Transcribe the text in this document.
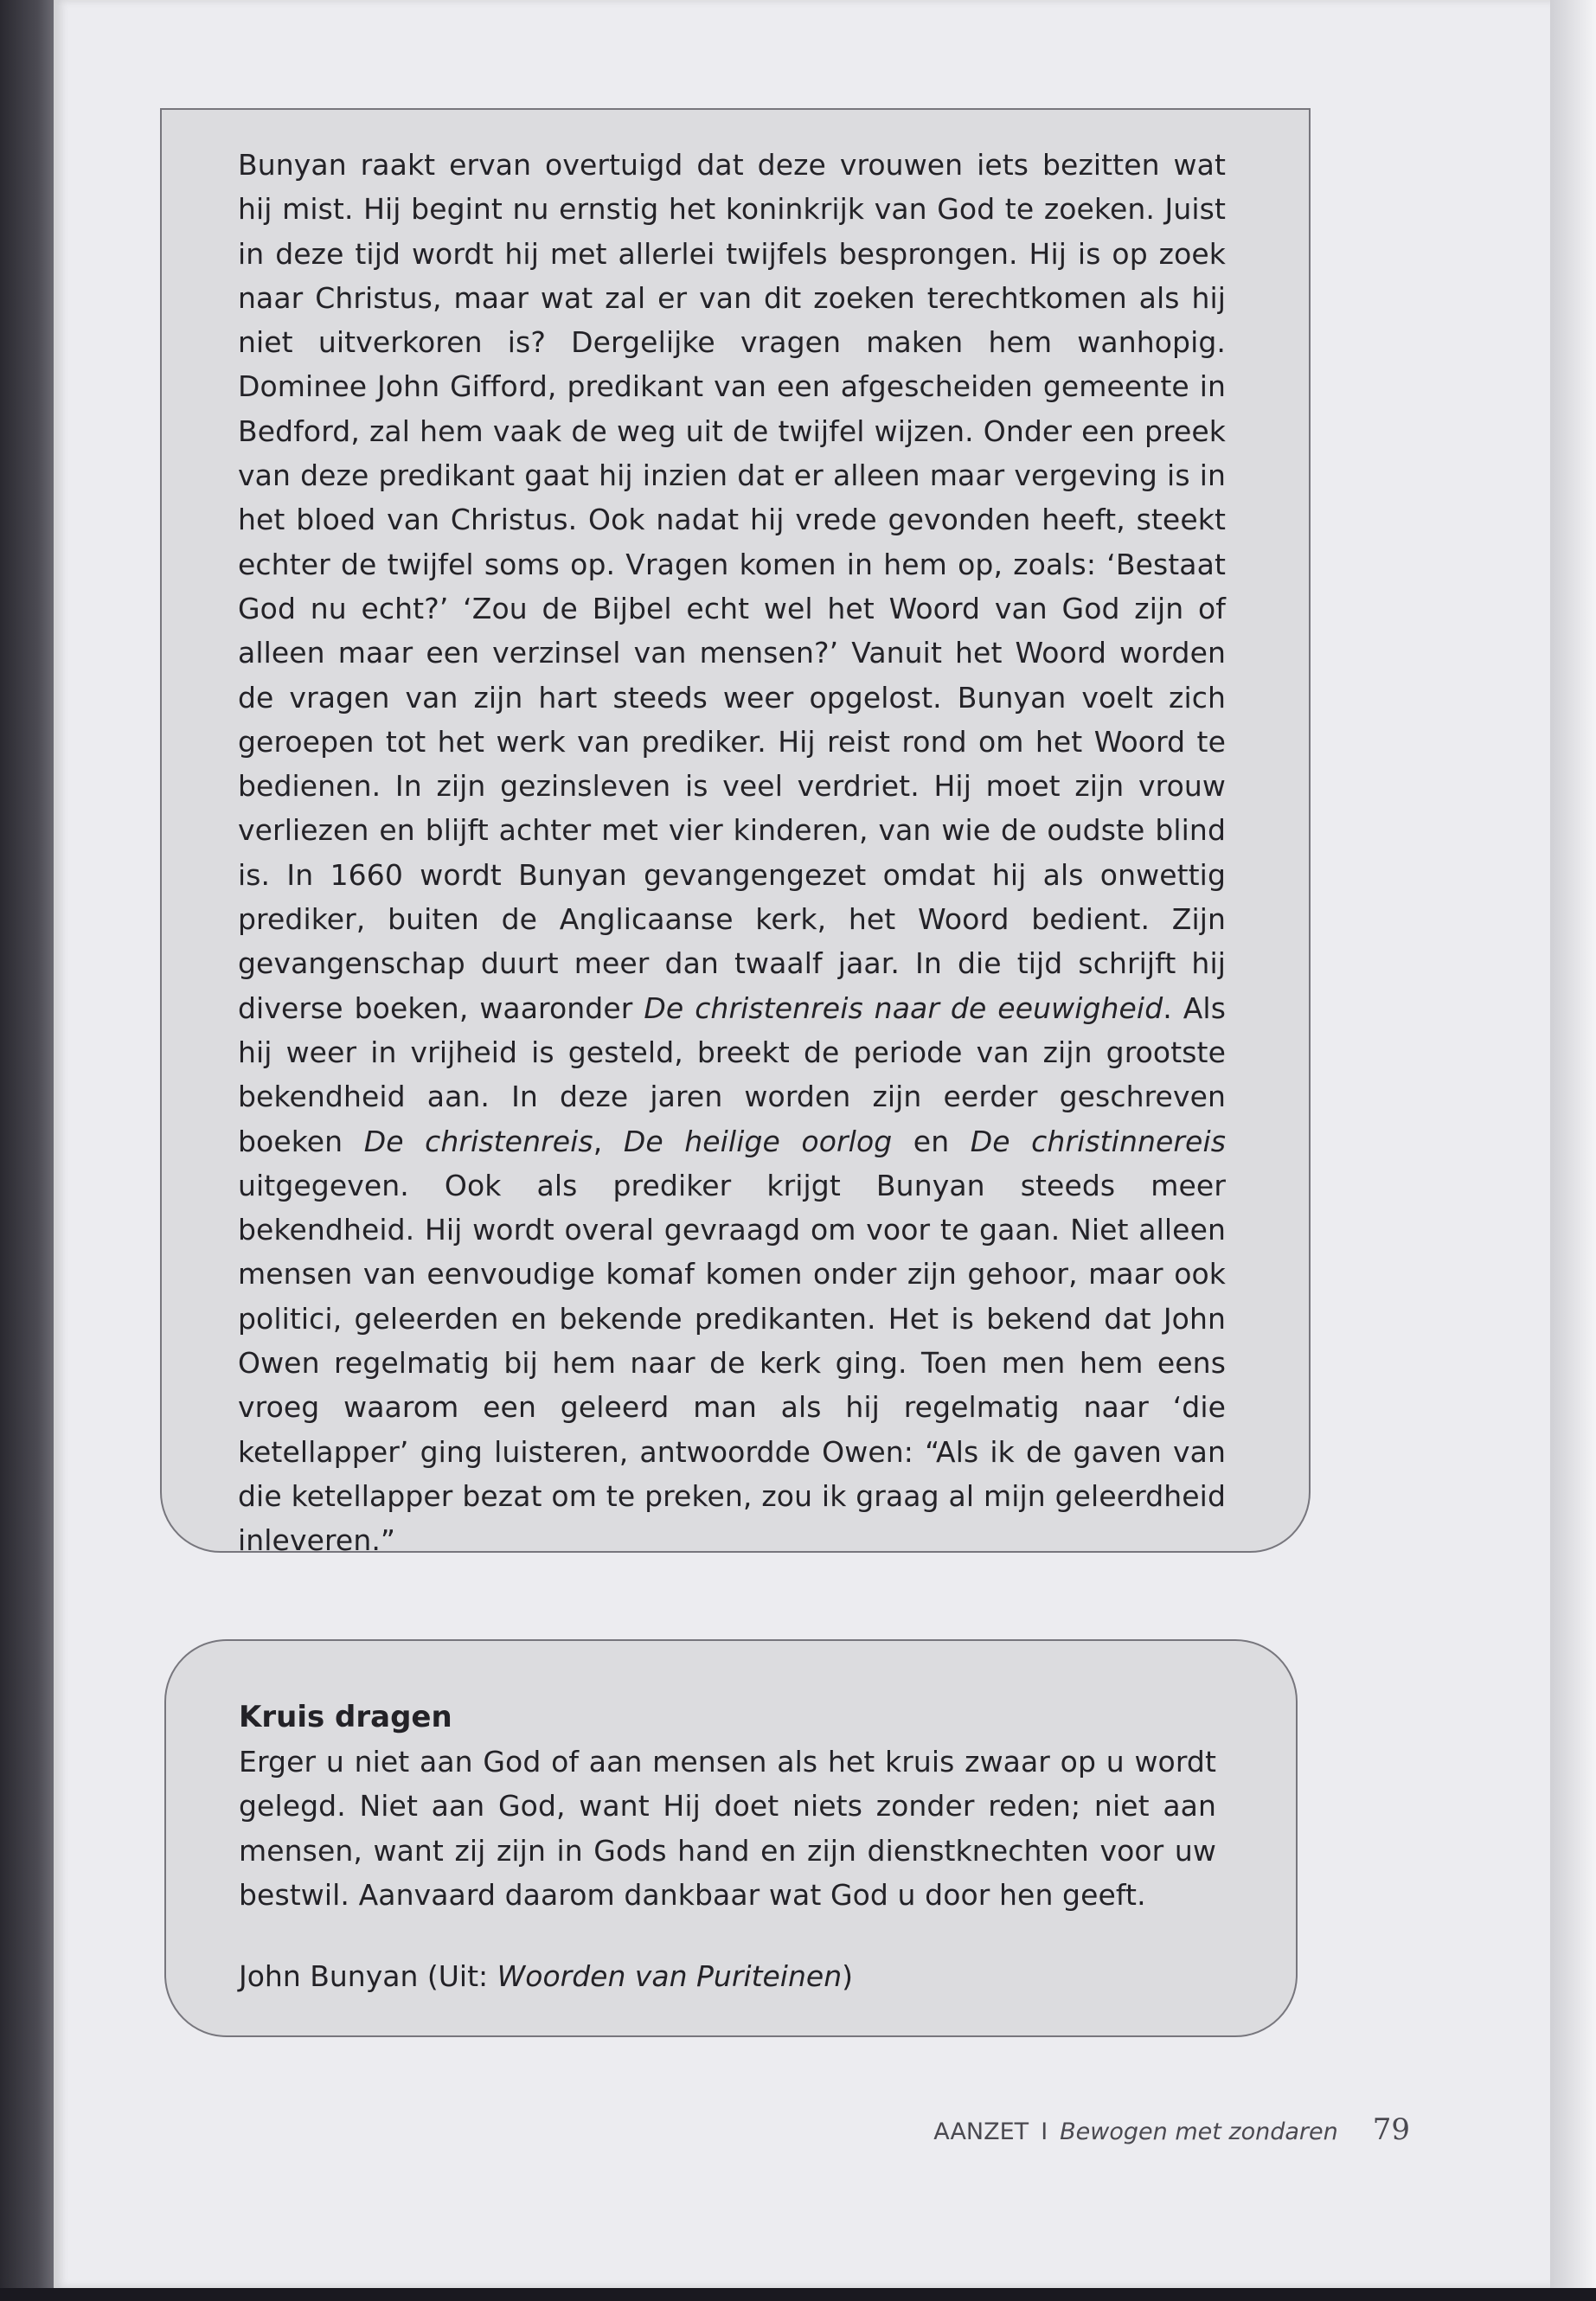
Bunyan raakt ervan overtuigd dat deze vrouwen iets bezitten wat hij mist. Hij begint nu ernstig het koninkrijk van God te zoeken. Juist in deze tijd wordt hij met allerlei twijfels besprongen. Hij is op zoek naar Christus, maar wat zal er van dit zoeken terechtkomen als hij niet uitverkoren is? Dergelijke vragen maken hem wanhopig. Dominee John Gifford, predikant van een afgescheiden gemeente in Bedford, zal hem vaak de weg uit de twijfel wijzen. Onder een preek van deze predikant gaat hij inzien dat er alleen maar vergeving is in het bloed van Christus. Ook nadat hij vrede gevonden heeft, steekt echter de twijfel soms op. Vragen komen in hem op, zoals: ‘Bestaat God nu echt?’ ‘Zou de Bijbel echt wel het Woord van God zijn of alleen maar een verzinsel van mensen?’ Vanuit het Woord worden de vragen van zijn hart steeds weer opgelost. Bunyan voelt zich geroepen tot het werk van prediker. Hij reist rond om het Woord te bedienen. In zijn gezinsleven is veel verdriet. Hij moet zijn vrouw verliezen en blijft achter met vier kinderen, van wie de oudste blind is. In 1660 wordt Bunyan gevangengezet omdat hij als onwettig prediker, buiten de Anglicaanse kerk, het Woord bedient. Zijn gevangenschap duurt meer dan twaalf jaar. In die tijd schrijft hij diverse boeken, waaronder De christenreis naar de eeuwigheid. Als hij weer in vrijheid is gesteld, breekt de periode van zijn grootste bekendheid aan. In deze jaren worden zijn eerder geschreven boeken De christenreis, De heilige oorlog en De christinnereis uitgegeven. Ook als prediker krijgt Bunyan steeds meer bekendheid. Hij wordt overal gevraagd om voor te gaan. Niet alleen mensen van eenvoudige komaf komen onder zijn gehoor, maar ook politici, geleerden en bekende predikanten. Het is bekend dat John Owen regelmatig bij hem naar de kerk ging. Toen men hem eens vroeg waarom een geleerd man als hij regelmatig naar ‘die ketellapper’ ging luisteren, antwoordde Owen: “Als ik de gaven van die ketellapper bezat om te preken, zou ik graag al mijn geleerdheid inleveren.”
Kruis dragen
Erger u niet aan God of aan mensen als het kruis zwaar op u wordt gelegd. Niet aan God, want Hij doet niets zonder reden; niet aan mensen, want zij zijn in Gods hand en zijn dienstknechten voor uw bestwil. Aanvaard daarom dankbaar wat God u door hen geeft.
John Bunyan (Uit: Woorden van Puriteinen)
AANZET I Bewogen met zondaren 79
